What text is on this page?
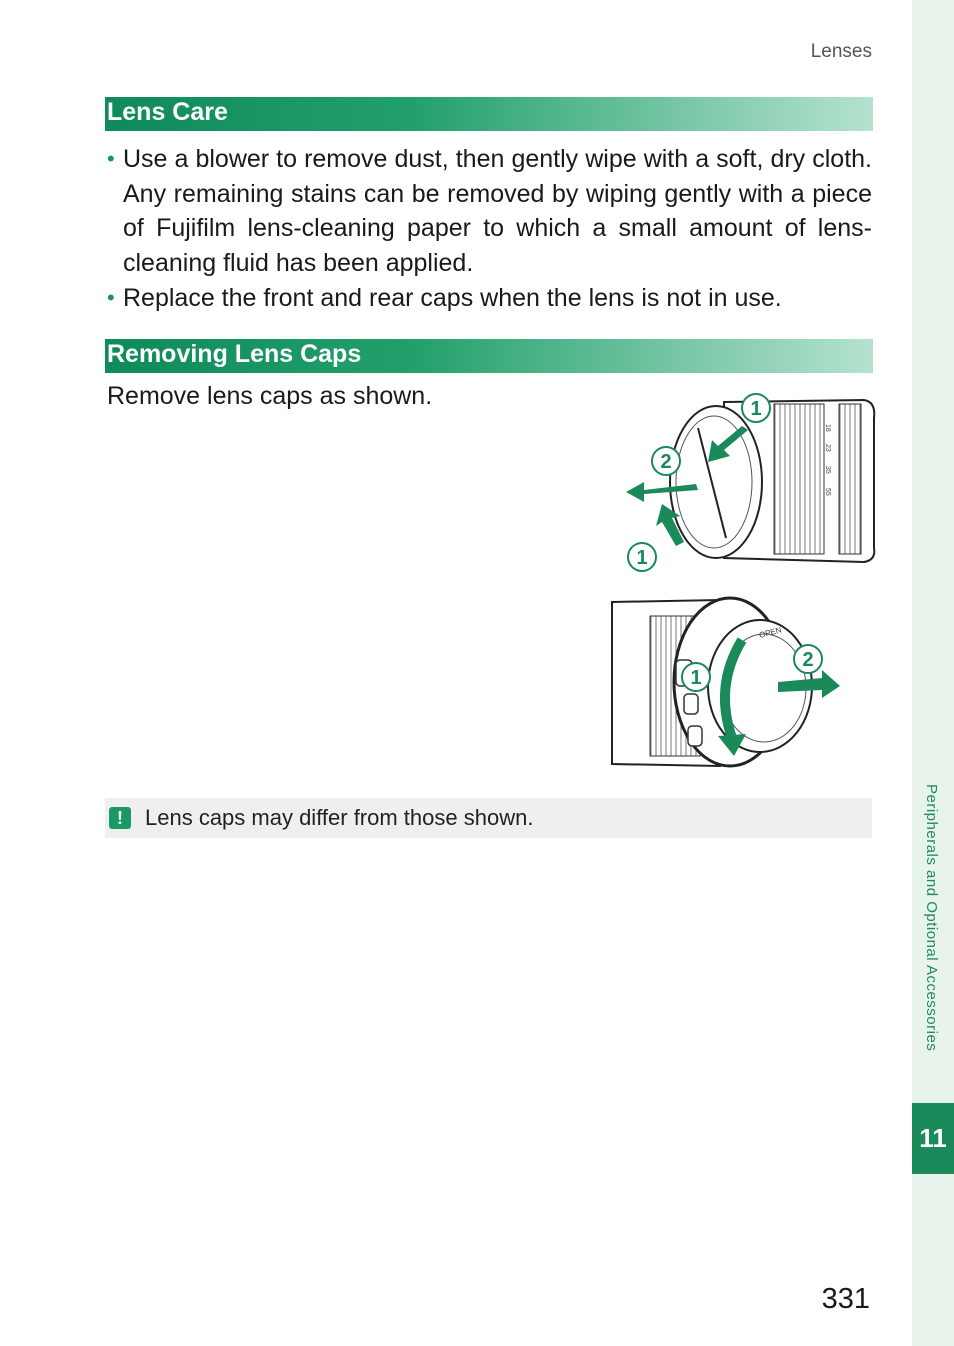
Peripherals and Optional Accessories
11
Lenses
Lens Care
• Use a blower to remove dust, then gently wipe with a soft, dry cloth. Any remaining stains can be removed by wiping gently with a piece of Fujifilm lens-cleaning paper to which a small amount of lens-cleaning fluid has been applied.
• Replace the front and rear caps when the lens is not in use.
Removing Lens Caps
Remove lens caps as shown.
18
23
35
55
1
2
1
OPEN
1
2
!	Lens caps may differ from those shown.
331
